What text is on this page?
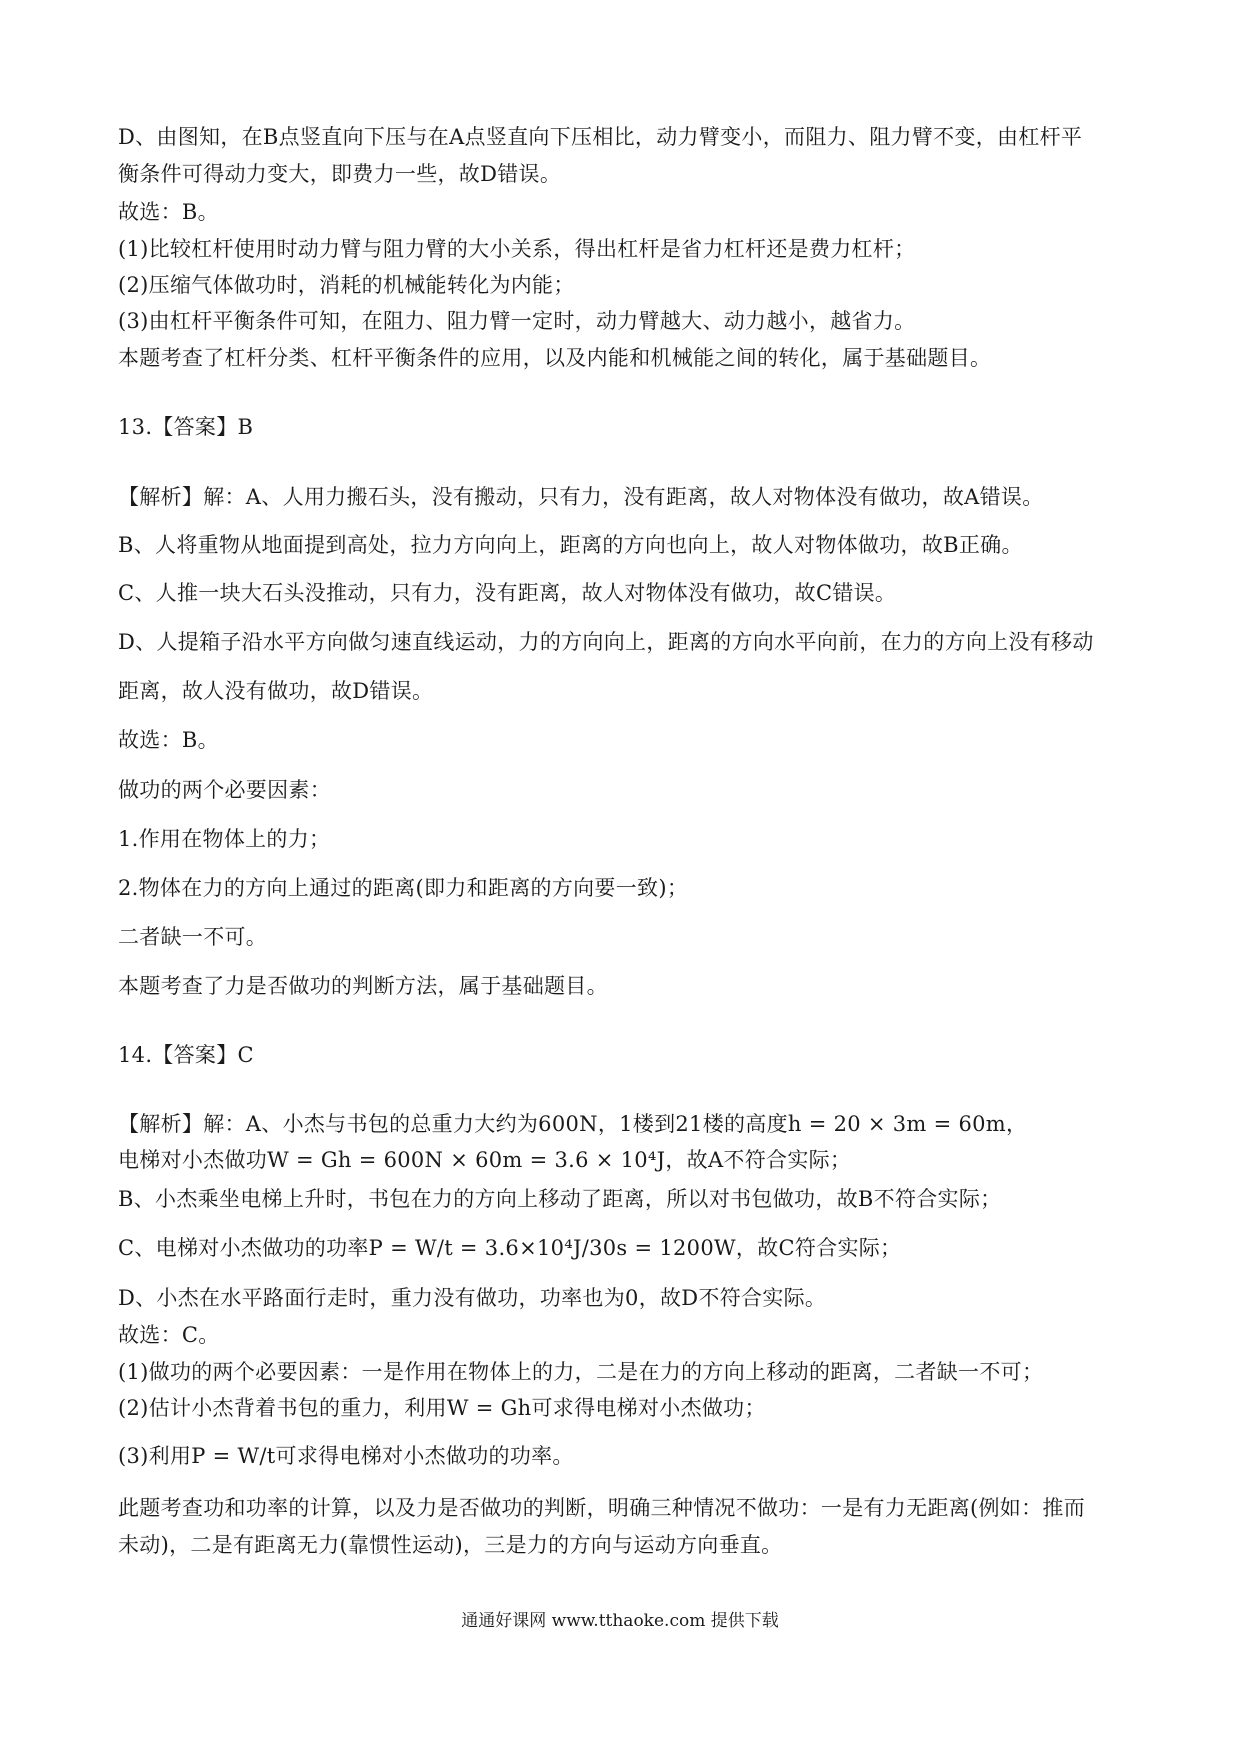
D、由图知，在B点竖直向下压与在A点竖直向下压相比，动力臂变小，而阻力、阻力臂不变，由杠杆平
衡条件可得动力变大，即费力一些，故D错误。
故选：B。
(1)比较杠杆使用时动力臂与阻力臂的大小关系，得出杠杆是省力杠杆还是费力杠杆；
(2)压缩气体做功时，消耗的机械能转化为内能；
(3)由杠杆平衡条件可知，在阻力、阻力臂一定时，动力臂越大、动力越小，越省力。
本题考查了杠杆分类、杠杆平衡条件的应用，以及内能和机械能之间的转化，属于基础题目。
13.【答案】B
【解析】解：A、人用力搬石头，没有搬动，只有力，没有距离，故人对物体没有做功，故A错误。
B、人将重物从地面提到高处，拉力方向向上，距离的方向也向上，故人对物体做功，故B正确。
C、人推一块大石头没推动，只有力，没有距离，故人对物体没有做功，故C错误。
D、人提箱子沿水平方向做匀速直线运动，力的方向向上，距离的方向水平向前，在力的方向上没有移动
距离，故人没有做功，故D错误。
故选：B。
做功的两个必要因素：
1.作用在物体上的力；
2.物体在力的方向上通过的距离(即力和距离的方向要一致)；
二者缺一不可。
本题考查了力是否做功的判断方法，属于基础题目。
14.【答案】C
【解析】解：A、小杰与书包的总重力大约为600N，1楼到21楼的高度h = 20 × 3m = 60m，
电梯对小杰做功W = Gh = 600N × 60m = 3.6 × 10⁴J，故A不符合实际；
B、小杰乘坐电梯上升时，书包在力的方向上移动了距离，所以对书包做功，故B不符合实际；
C、电梯对小杰做功的功率P = W/t = 3.6×10⁴J/30s = 1200W，故C符合实际；
D、小杰在水平路面行走时，重力没有做功，功率也为0，故D不符合实际。
故选：C。
(1)做功的两个必要因素：一是作用在物体上的力，二是在力的方向上移动的距离，二者缺一不可；
(2)估计小杰背着书包的重力，利用W = Gh可求得电梯对小杰做功；
(3)利用P = W/t可求得电梯对小杰做功的功率。
此题考查功和功率的计算，以及力是否做功的判断，明确三种情况不做功：一是有力无距离(例如：推而
未动)，二是有距离无力(靠惯性运动)，三是力的方向与运动方向垂直。
通通好课网 www.tthaoke.com 提供下载
